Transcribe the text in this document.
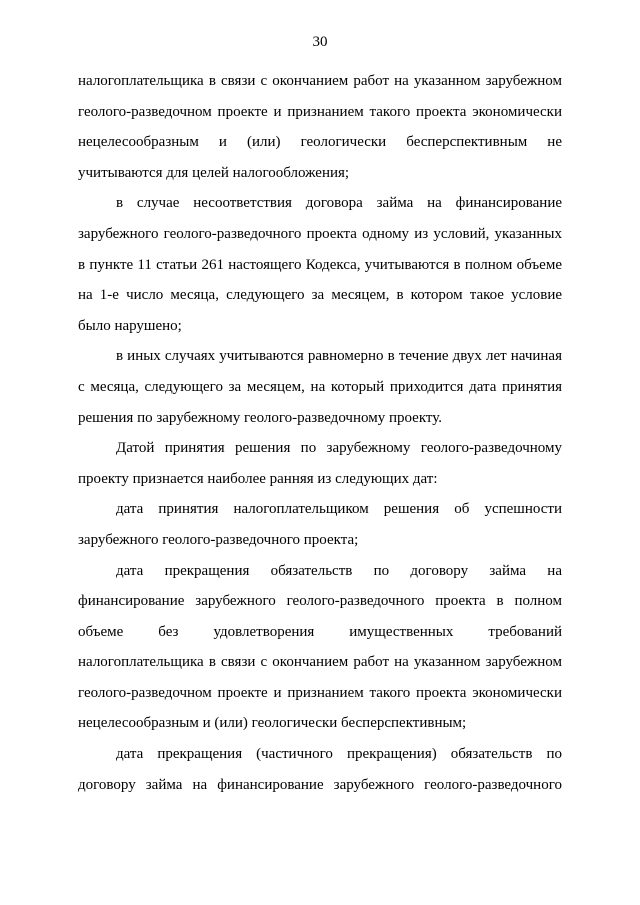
30
налогоплательщика в связи с окончанием работ на указанном зарубежном
геолого-разведочном проекте и признанием такого проекта экономически
нецелесообразным и (или) геологически бесперспективным не
учитываются для целей налогообложения;
в случае несоответствия договора займа на финансирование
зарубежного геолого-разведочного проекта одному из условий, указанных
в пункте 11 статьи 261 настоящего Кодекса, учитываются в полном объеме
на 1-е число месяца, следующего за месяцем, в котором такое условие
было нарушено;
в иных случаях учитываются равномерно в течение двух лет начиная
с месяца, следующего за месяцем, на который приходится дата принятия
решения по зарубежному геолого-разведочному проекту.
Датой принятия решения по зарубежному геолого-разведочному
проекту признается наиболее ранняя из следующих дат:
дата принятия налогоплательщиком решения об успешности
зарубежного геолого-разведочного проекта;
дата прекращения обязательств по договору займа на
финансирование зарубежного геолого-разведочного проекта в полном
объеме без удовлетворения имущественных требований
налогоплательщика в связи с окончанием работ на указанном зарубежном
геолого-разведочном проекте и признанием такого проекта экономически
нецелесообразным и (или) геологически бесперспективным;
дата прекращения (частичного прекращения) обязательств по
договору займа на финансирование зарубежного геолого-разведочного
